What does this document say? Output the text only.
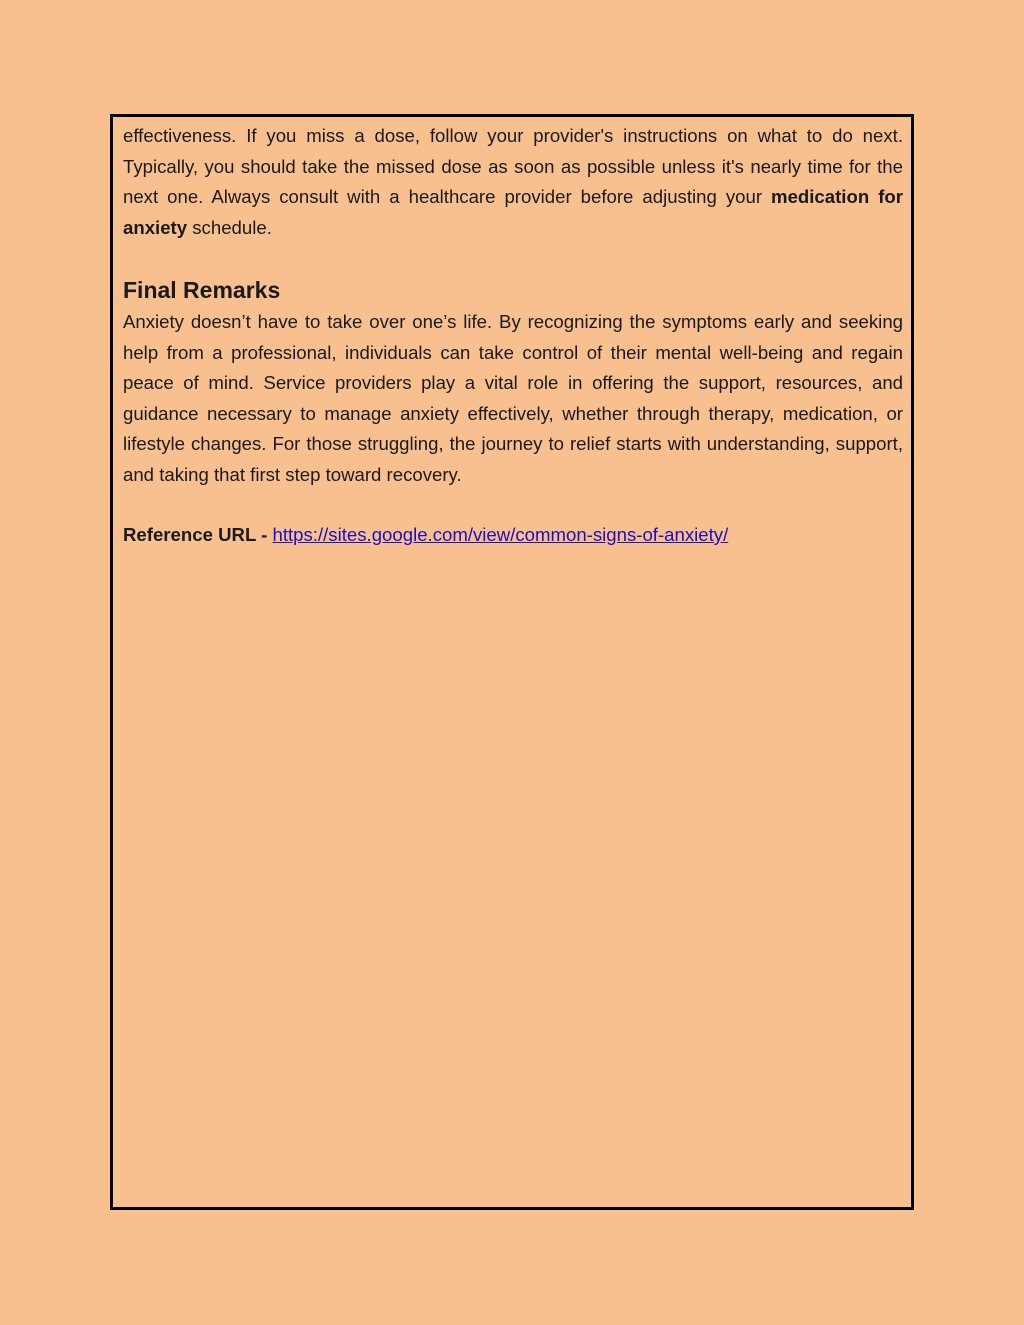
effectiveness. If you miss a dose, follow your provider's instructions on what to do next. Typically, you should take the missed dose as soon as possible unless it's nearly time for the next one. Always consult with a healthcare provider before adjusting your medication for anxiety schedule.

Final Remarks

Anxiety doesn’t have to take over one’s life. By recognizing the symptoms early and seeking help from a professional, individuals can take control of their mental well-being and regain peace of mind. Service providers play a vital role in offering the support, resources, and guidance necessary to manage anxiety effectively, whether through therapy, medication, or lifestyle changes. For those struggling, the journey to relief starts with understanding, support, and taking that first step toward recovery.

Reference URL - https://sites.google.com/view/common-signs-of-anxiety/
